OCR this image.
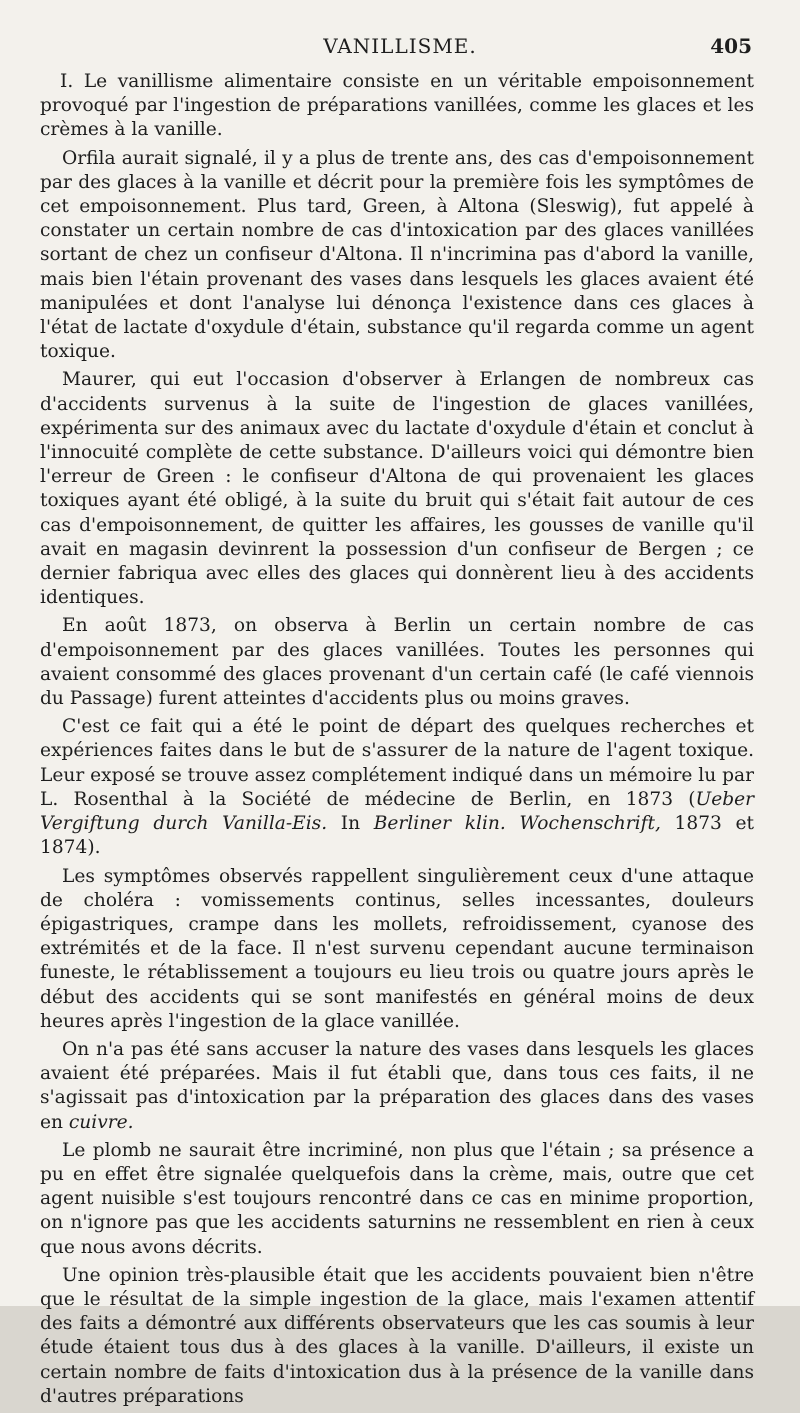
VANILLISME.	405

I. Le vanillisme alimentaire consiste en un véritable empoisonnement provoqué par l'ingestion de préparations vanillées, comme les glaces et les crèmes à la vanille.

Orfila aurait signalé, il y a plus de trente ans, des cas d'empoisonnement par des glaces à la vanille et décrit pour la première fois les symptômes de cet empoisonnement. Plus tard, Green, à Altona (Sleswig), fut appelé à constater un certain nombre de cas d'intoxication par des glaces vanillées sortant de chez un confiseur d'Altona. Il n'incrimina pas d'abord la vanille, mais bien l'étain provenant des vases dans lesquels les glaces avaient été manipulées et dont l'analyse lui dénonça l'existence dans ces glaces à l'état de lactate d'oxydule d'étain, substance qu'il regarda comme un agent toxique.

Maurer, qui eut l'occasion d'observer à Erlangen de nombreux cas d'accidents survenus à la suite de l'ingestion de glaces vanillées, expérimenta sur des animaux avec du lactate d'oxydule d'étain et conclut à l'innocuité complète de cette substance. D'ailleurs voici qui démontre bien l'erreur de Green : le confiseur d'Altona de qui provenaient les glaces toxiques ayant été obligé, à la suite du bruit qui s'était fait autour de ces cas d'empoisonnement, de quitter les affaires, les gousses de vanille qu'il avait en magasin devinrent la possession d'un confiseur de Bergen ; ce dernier fabriqua avec elles des glaces qui donnèrent lieu à des accidents identiques.

En août 1873, on observa à Berlin un certain nombre de cas d'empoisonnement par des glaces vanillées. Toutes les personnes qui avaient consommé des glaces provenant d'un certain café (le café viennois du Passage) furent atteintes d'accidents plus ou moins graves.

C'est ce fait qui a été le point de départ des quelques recherches et expériences faites dans le but de s'assurer de la nature de l'agent toxique. Leur exposé se trouve assez complétement indiqué dans un mémoire lu par L. Rosenthal à la Société de médecine de Berlin, en 1873 (Ueber Vergiftung durch Vanilla-Eis. In Berliner klin. Wochenschrift, 1873 et 1874).

Les symptômes observés rappellent singulièrement ceux d'une attaque de choléra : vomissements continus, selles incessantes, douleurs épigastriques, crampe dans les mollets, refroidissement, cyanose des extrémités et de la face. Il n'est survenu cependant aucune terminaison funeste, le rétablissement a toujours eu lieu trois ou quatre jours après le début des accidents qui se sont manifestés en général moins de deux heures après l'ingestion de la glace vanillée.

On n'a pas été sans accuser la nature des vases dans lesquels les glaces avaient été préparées. Mais il fut établi que, dans tous ces faits, il ne s'agissait pas d'intoxication par la préparation des glaces dans des vases en cuivre.

Le plomb ne saurait être incriminé, non plus que l'étain ; sa présence a pu en effet être signalée quelquefois dans la crème, mais, outre que cet agent nuisible s'est toujours rencontré dans ce cas en minime proportion, on n'ignore pas que les accidents saturnins ne ressemblent en rien à ceux que nous avons décrits.

Une opinion très-plausible était que les accidents pouvaient bien n'être que le résultat de la simple ingestion de la glace, mais l'examen attentif des faits a démontré aux différents observateurs que les cas soumis à leur étude étaient tous dus à des glaces à la vanille. D'ailleurs, il existe un certain nombre de faits d'intoxication dus à la présence de la vanille dans d'autres préparations
